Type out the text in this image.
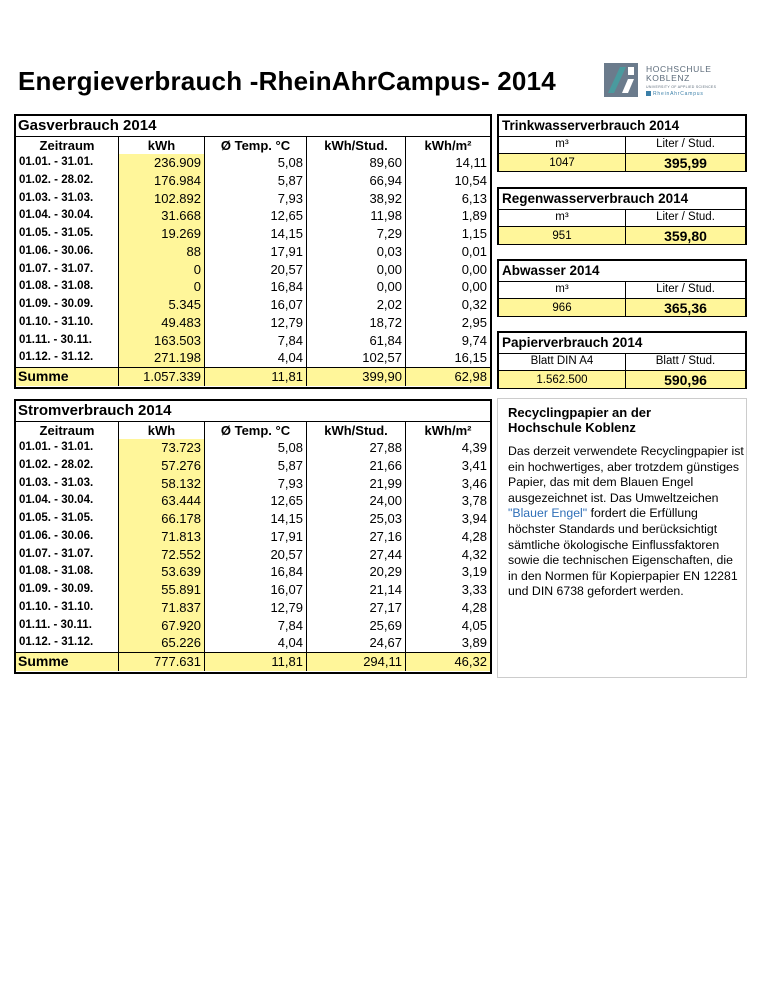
Energieverbrauch -RheinAhrCampus- 2014	HOCHSCHULE
KOBLENZ
UNIVERSITY OF APPLIED SCIENCES
RheinAhrCampus
Gasverbrauch 2014
Zeitraum	kWh	Ø Temp. °C	kWh/Stud.	kWh/m²
01.01. - 31.01.	236.909	5,08	89,60	14,11
01.02. - 28.02.	176.984	5,87	66,94	10,54
01.03. - 31.03.	102.892	7,93	38,92	6,13
01.04. - 30.04.	31.668	12,65	11,98	1,89
01.05. - 31.05.	19.269	14,15	7,29	1,15
01.06. - 30.06.	88	17,91	0,03	0,01
01.07. - 31.07.	0	20,57	0,00	0,00
01.08. - 31.08.	0	16,84	0,00	0,00
01.09. - 30.09.	5.345	16,07	2,02	0,32
01.10. - 31.10.	49.483	12,79	18,72	2,95
01.11. - 30.11.	163.503	7,84	61,84	9,74
01.12. - 31.12.	271.198	4,04	102,57	16,15
Summe	1.057.339	11,81	399,90	62,98
Stromverbrauch 2014
Zeitraum	kWh	Ø Temp. °C	kWh/Stud.	kWh/m²
01.01. - 31.01.	73.723	5,08	27,88	4,39
01.02. - 28.02.	57.276	5,87	21,66	3,41
01.03. - 31.03.	58.132	7,93	21,99	3,46
01.04. - 30.04.	63.444	12,65	24,00	3,78
01.05. - 31.05.	66.178	14,15	25,03	3,94
01.06. - 30.06.	71.813	17,91	27,16	4,28
01.07. - 31.07.	72.552	20,57	27,44	4,32
01.08. - 31.08.	53.639	16,84	20,29	3,19
01.09. - 30.09.	55.891	16,07	21,14	3,33
01.10. - 31.10.	71.837	12,79	27,17	4,28
01.11. - 30.11.	67.920	7,84	25,69	4,05
01.12. - 31.12.	65.226	4,04	24,67	3,89
Summe	777.631	11,81	294,11	46,32
Trinkwasserverbrauch 2014
m³	Liter / Stud.
1047	395,99
Regenwasserverbrauch 2014
m³	Liter / Stud.
951	359,80
Abwasser 2014
m³	Liter / Stud.
966	365,36
Papierverbrauch 2014
Blatt DIN A4	Blatt / Stud.
1.562.500	590,96
Recyclingpapier an der Hochschule Koblenz
Das derzeit verwendete Recyclingpapier ist ein hochwertiges, aber trotzdem günstiges Papier, das mit dem Blauen Engel ausgezeichnet ist. Das Umweltzeichen "Blauer Engel" fordert die Erfüllung höchster Standards und berücksichtigt sämtliche ökologische Einflussfaktoren sowie die technischen Eigenschaften, die in den Normen für Kopierpapier EN 12281 und DIN 6738 gefordert werden.
